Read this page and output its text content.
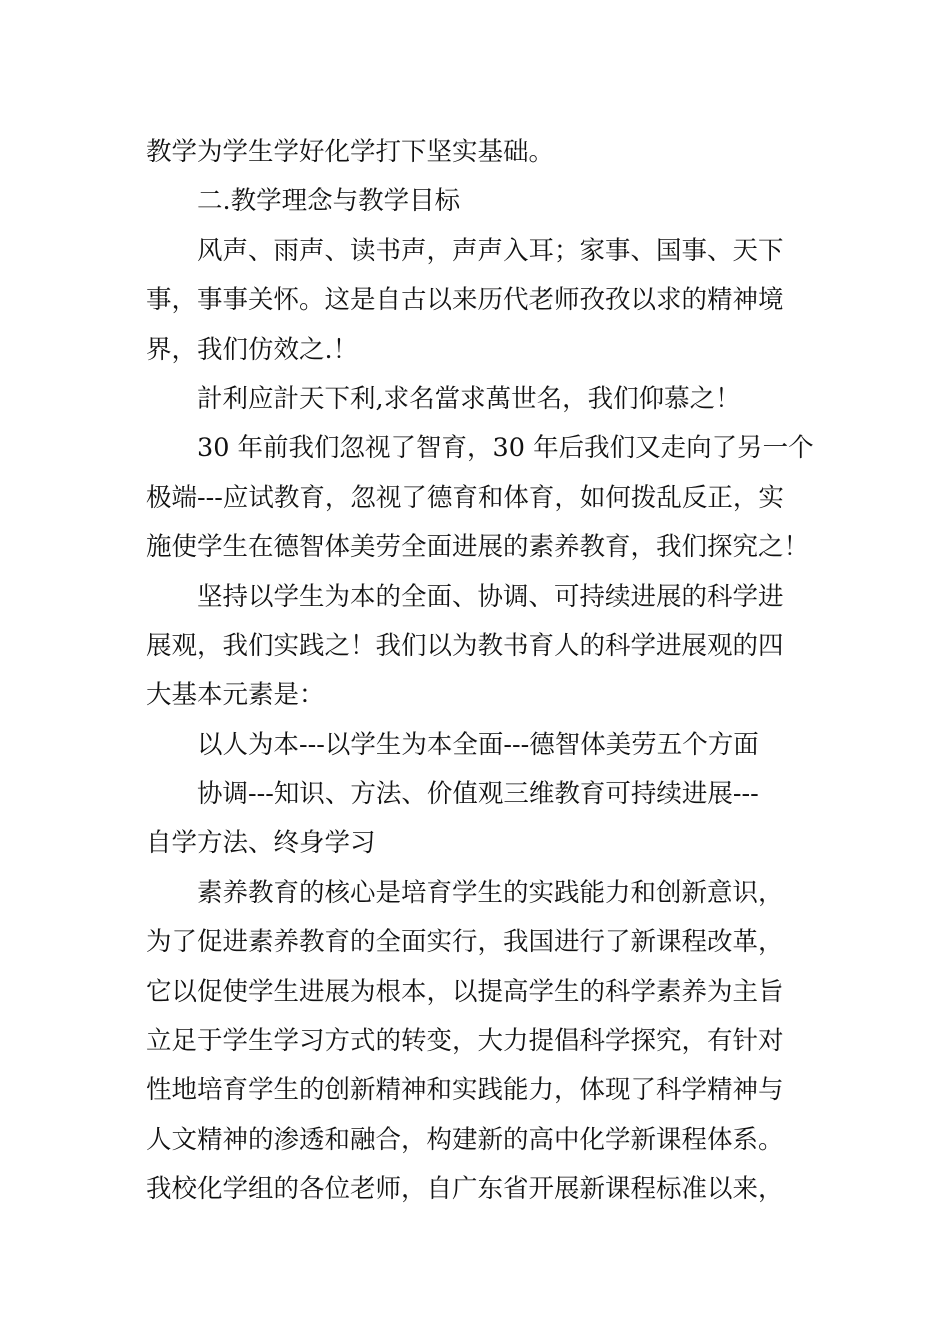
教学为学生学好化学打下坚实基础。
二.教学理念与教学目标
风声、雨声、读书声，声声入耳；家事、国事、天下
事，事事关怀。这是自古以来历代老师孜孜以求的精神境
界，我们仿效之.！
計利应計天下利,求名當求萬世名，我们仰慕之！
30 年前我们忽视了智育，30 年后我们又走向了另一个
极端---应试教育，忽视了德育和体育，如何拨乱反正，实
施使学生在德智体美劳全面进展的素养教育，我们探究之！
坚持以学生为本的全面、协调、可持续进展的科学进
展观，我们实践之！我们以为教书育人的科学进展观的四
大基本元素是：
以人为本---以学生为本全面---德智体美劳五个方面
协调---知识、方法、价值观三维教育可持续进展---
自学方法、终身学习
素养教育的核心是培育学生的实践能力和创新意识，
为了促进素养教育的全面实行，我国进行了新课程改革，
它以促使学生进展为根本，以提高学生的科学素养为主旨
立足于学生学习方式的转变，大力提倡科学探究，有针对
性地培育学生的创新精神和实践能力，体现了科学精神与
人文精神的渗透和融合，构建新的高中化学新课程体系。
我校化学组的各位老师，自广东省开展新课程标准以来，
